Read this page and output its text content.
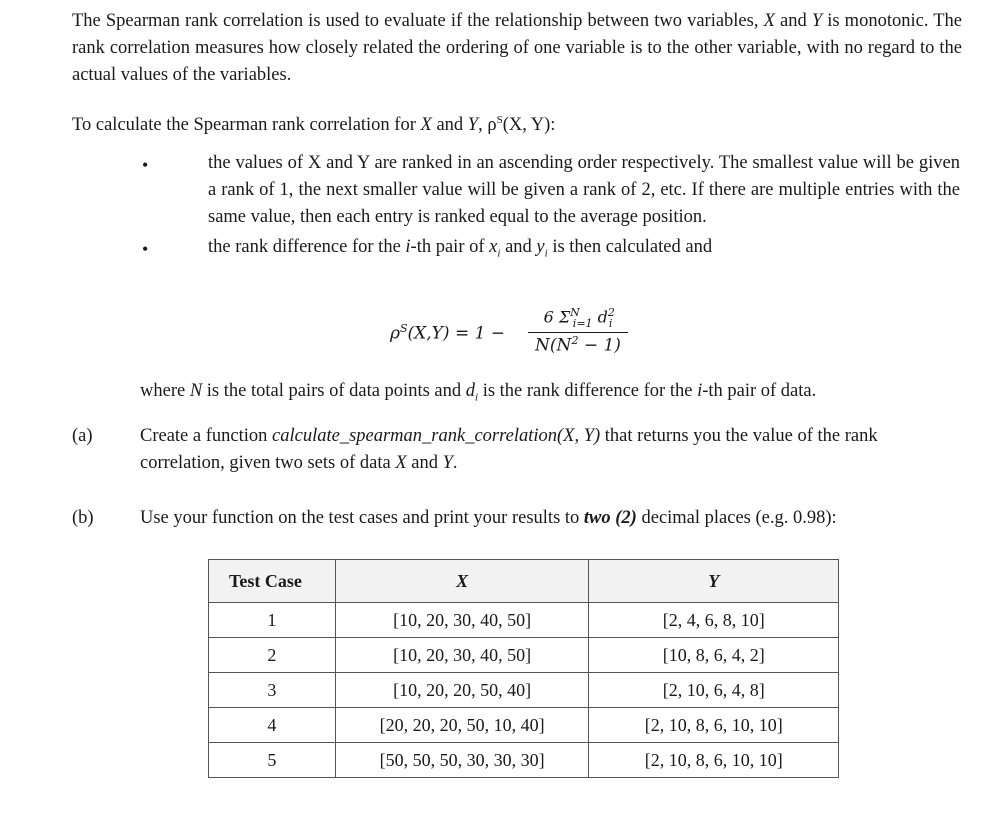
The Spearman rank correlation is used to evaluate if the relationship between two variables, X and Y is monotonic. The rank correlation measures how closely related the ordering of one variable is to the other variable, with no regard to the actual values of the variables.

To calculate the Spearman rank correlation for X and Y, $\rho^S(X$, Y):

•	the values of X and Y are ranked in an ascending order respectively. The smallest value will be given a rank of 1, the next smaller value will be given a rank of 2, etc. If there are multiple entries with the same value, then each entry is ranked equal to the average position.

•	the rank difference for the i-th pair of $x_i$ and $y_i$ is then calculated and

$\rho^S(X,Y) = 1$ −
6 $\Sigma^N_{i=1}$ $d^2_i$
$N(N^2 - 1)$

where N is the total pairs of data points and $d_i$ is the rank difference for the i-th pair of data.

(a)	Create a function calculate_spearman_rank_correlation(X, Y) that returns you the value of the rank correlation, given two sets of data X and Y.

(b)	Use your function on the test cases and print your results to two (2) decimal places (e.g. 0.98):

Test Case	X	Y
1	[10, 20, 30, 40, 50]	[2, 4, 6, 8, 10]
2	[10, 20, 30, 40, 50]	[10, 8, 6, 4, 2]
3	[10, 20, 20, 50, 40]	[2, 10, 6, 4, 8]
4	[20, 20, 20, 50, 10, 40]	[2, 10, 8, 6, 10, 10]
5	[50, 50, 50, 30, 30, 30]	[2, 10, 8, 6, 10, 10]
